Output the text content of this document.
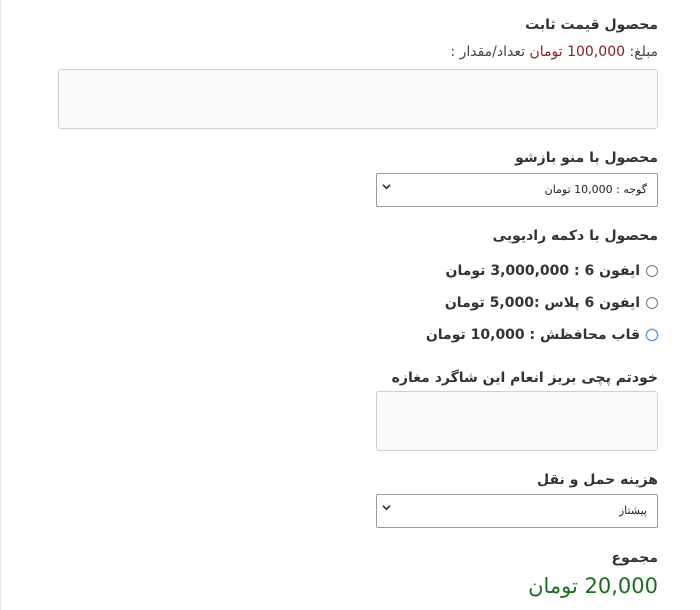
محصول قیمت ثابت
مبلغ: 100,000 تومان تعداد/مقدار :
محصول با منو بازشو
گوجه : 10,000 تومان
محصول با دکمه رادیویی
ایفون 6 : 3,000,000 تومان
ایفون 6 پلاس :5,000 تومان
قاب محافظش : 10,000 تومان
خودتم پچی بریز انعام این شاگرد مغازه
هزینه حمل و نقل
پیشتاز
مجموع
20,000 تومان
